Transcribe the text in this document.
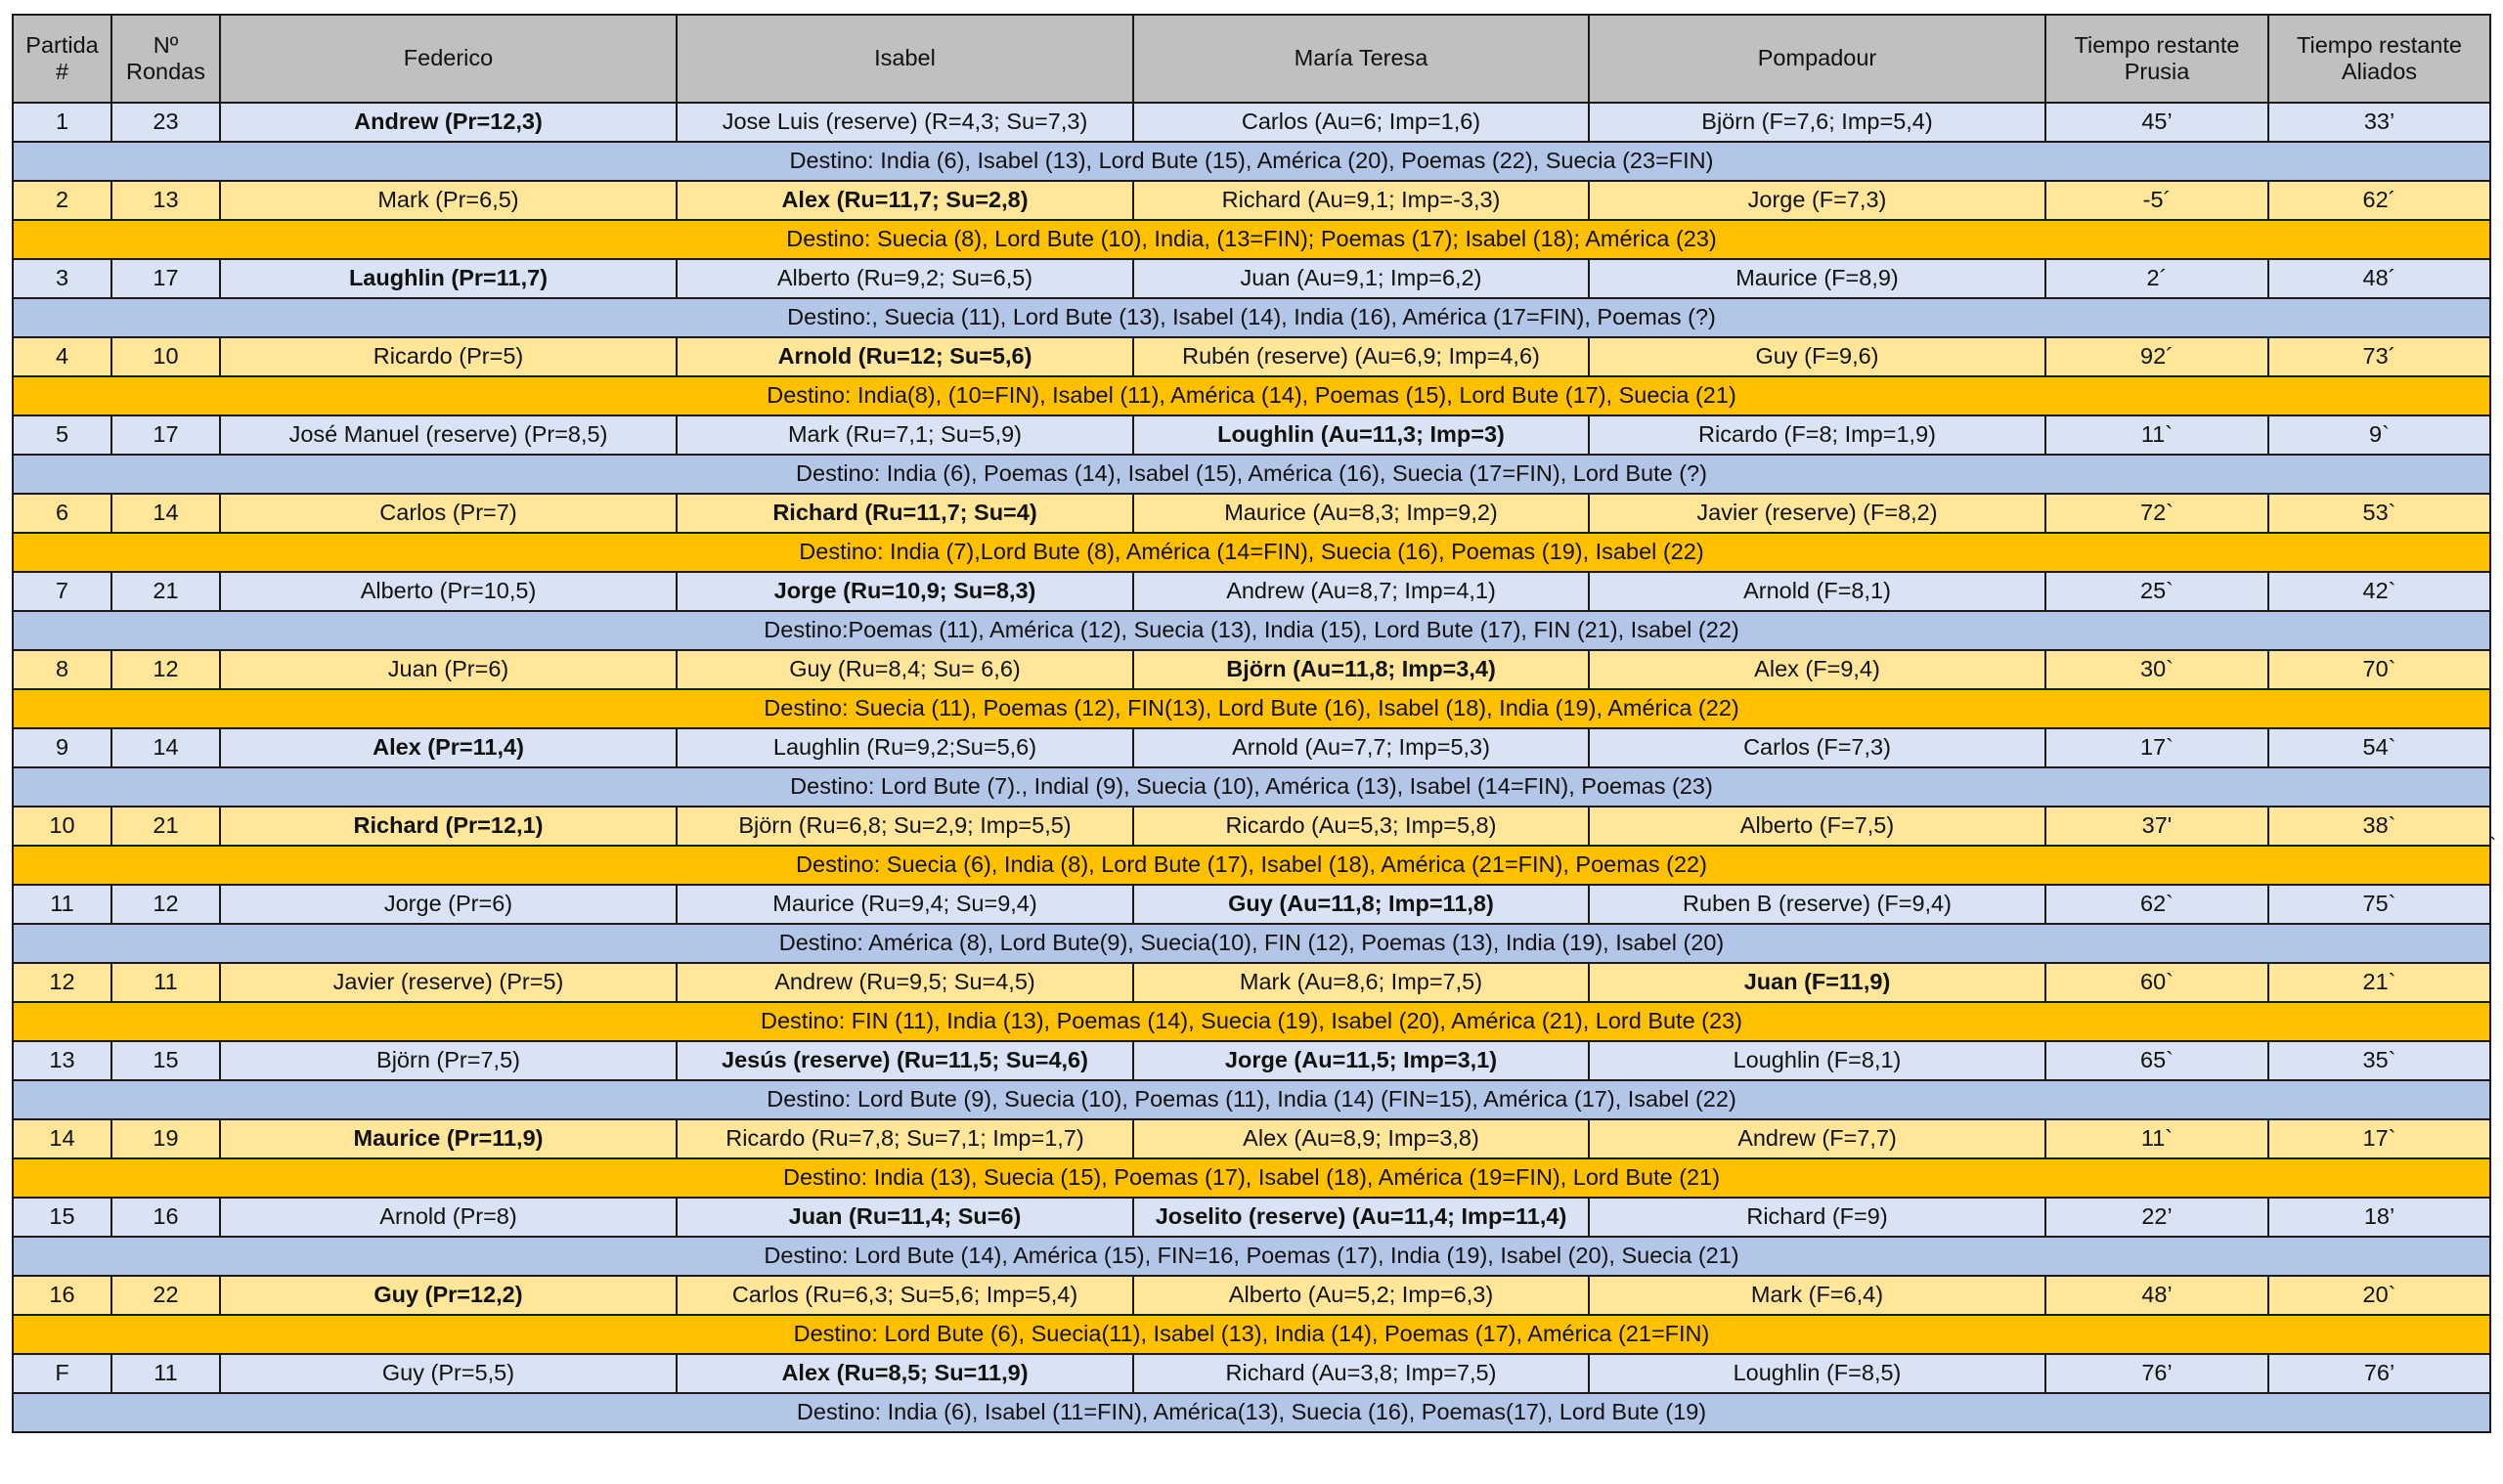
Partida #	Nº Rondas	Federico	Isabel	María Teresa	Pompadour	Tiempo restante Prusia	Tiempo restante Aliados
1	23	Andrew (Pr=12,3)	Jose Luis (reserve) (R=4,3; Su=7,3)	Carlos (Au=6; Imp=1,6)	Björn (F=7,6; Imp=5,4)	45’	33’
Destino: India (6), Isabel (13), Lord Bute (15), América (20), Poemas (22), Suecia (23=FIN)							
2	13	Mark (Pr=6,5)	Alex (Ru=11,7; Su=2,8)	Richard (Au=9,1; Imp=-3,3)	Jorge (F=7,3)	-5´	62´
Destino: Suecia (8), Lord Bute (10), India, (13=FIN); Poemas (17); Isabel (18); América (23)							
3	17	Laughlin (Pr=11,7)	Alberto (Ru=9,2; Su=6,5)	Juan (Au=9,1; Imp=6,2)	Maurice (F=8,9)	2´	48´
Destino:, Suecia (11), Lord Bute (13), Isabel (14), India (16), América (17=FIN), Poemas (?)							
4	10	Ricardo (Pr=5)	Arnold (Ru=12; Su=5,6)	Rubén (reserve) (Au=6,9; Imp=4,6)	Guy (F=9,6)	92´	73´
Destino: India(8), (10=FIN), Isabel (11), América (14), Poemas (15), Lord Bute (17), Suecia (21)							
5	17	José Manuel (reserve) (Pr=8,5)	Mark (Ru=7,1; Su=5,9)	Loughlin (Au=11,3; Imp=3)	Ricardo (F=8; Imp=1,9)	11`	9`
Destino: India (6), Poemas (14), Isabel (15), América (16), Suecia (17=FIN), Lord Bute (?)							
6	14	Carlos (Pr=7)	Richard (Ru=11,7; Su=4)	Maurice (Au=8,3; Imp=9,2)	Javier (reserve) (F=8,2)	72`	53`
Destino: India (7),Lord Bute (8), América (14=FIN), Suecia (16), Poemas (19), Isabel (22)							
7	21	Alberto (Pr=10,5)	Jorge (Ru=10,9; Su=8,3)	Andrew (Au=8,7; Imp=4,1)	Arnold (F=8,1)	25`	42`
Destino:Poemas (11), América (12), Suecia (13), India (15), Lord Bute (17), FIN (21), Isabel (22)							
8	12	Juan (Pr=6)	Guy (Ru=8,4; Su= 6,6)	Björn (Au=11,8; Imp=3,4)	Alex (F=9,4)	30`	70`
Destino: Suecia (11), Poemas (12), FIN(13), Lord Bute (16), Isabel (18), India (19), América (22)							
9	14	Alex (Pr=11,4)	Laughlin (Ru=9,2;Su=5,6)	Arnold (Au=7,7; Imp=5,3)	Carlos (F=7,3)	17`	54`
Destino: Lord Bute (7)., Indial (9), Suecia (10), América (13), Isabel (14=FIN), Poemas (23)							
10	21	Richard (Pr=12,1)	Björn (Ru=6,8; Su=2,9; Imp=5,5)	Ricardo (Au=5,3; Imp=5,8)	Alberto (F=7,5)	37'	38`
Destino: Suecia (6), India (8), Lord Bute (17), Isabel (18), América (21=FIN), Poemas (22)							
11	12	Jorge (Pr=6)	Maurice (Ru=9,4; Su=9,4)	Guy (Au=11,8; Imp=11,8)	Ruben B (reserve) (F=9,4)	62`	75`
Destino: América (8), Lord Bute(9), Suecia(10), FIN (12), Poemas (13), India (19), Isabel (20)							
12	11	Javier (reserve) (Pr=5)	Andrew (Ru=9,5; Su=4,5)	Mark (Au=8,6; Imp=7,5)	Juan (F=11,9)	60`	21`
Destino: FIN (11), India (13), Poemas (14), Suecia (19), Isabel (20), América (21), Lord Bute (23)							
13	15	Björn (Pr=7,5)	Jesús (reserve) (Ru=11,5; Su=4,6)	Jorge (Au=11,5; Imp=3,1)	Loughlin (F=8,1)	65`	35`
Destino: Lord Bute (9), Suecia (10), Poemas (11), India (14) (FIN=15), América (17), Isabel (22)							
14	19	Maurice (Pr=11,9)	Ricardo (Ru=7,8; Su=7,1; Imp=1,7)	Alex (Au=8,9; Imp=3,8)	Andrew (F=7,7)	11`	17`
Destino: India (13), Suecia (15), Poemas (17), Isabel (18), América (19=FIN), Lord Bute (21)							
15	16	Arnold (Pr=8)	Juan (Ru=11,4; Su=6)	Joselito (reserve) (Au=11,4; Imp=11,4)	Richard (F=9)	22’	18’
Destino: Lord Bute (14), América (15), FIN=16, Poemas (17), India (19), Isabel (20), Suecia (21)							
16	22	Guy (Pr=12,2)	Carlos (Ru=6,3; Su=5,6; Imp=5,4)	Alberto (Au=5,2; Imp=6,3)	Mark (F=6,4)	48’	20`
Destino: Lord Bute (6), Suecia(11), Isabel (13), India (14), Poemas (17), América (21=FIN)							
F	11	Guy (Pr=5,5)	Alex (Ru=8,5; Su=11,9)	Richard (Au=3,8; Imp=7,5)	Loughlin (F=8,5)	76’	76’
Destino: India (6), Isabel (11=FIN), América(13), Suecia (16), Poemas(17), Lord Bute (19)							
`
